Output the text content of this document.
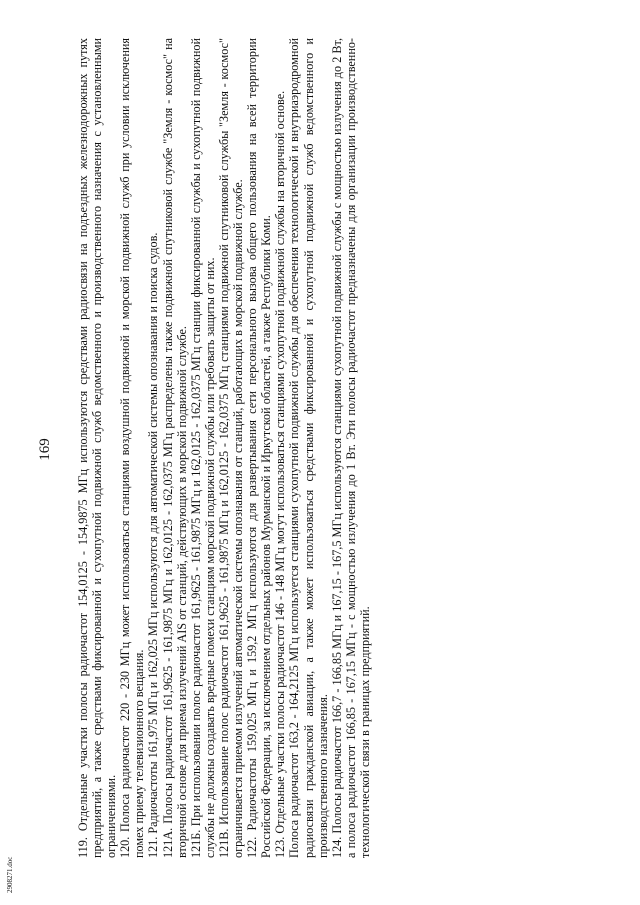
169 119. Отдельные участки полосы радиочастот 154,0125 - 154,9875 МГц используются средствами радиосвязи на подъездных железнодорожных путях предприятий, а также средствами фиксированной и сухопутной подвижной служб ведомственного и производственного назначения с установленными ограничениями. 120. Полоса радиочастот 220 - 230 МГц может использоваться станциями воздушной подвижной и морской подвижной служб при условии исключения помех приему телевизионного вещания. 121. Радиочастоты 161,975 МГц и 162,025 МГц используются для автоматической системы опознавания и поиска судов. 121А. Полосы радиочастот 161,9625 - 161,9875 МГц и 162,0125 - 162,0375 МГц распределены также подвижной спутниковой службе "Земля - космос" на вторичной основе для приема излучений AIS от станций, действующих в морской подвижной службе. 121Б. При использовании полос радиочастот 161,9625 - 161,9875 МГц и 162,0125 - 162,0375 МГц станции фиксированной службы и сухопутной подвижной службы не должны создавать вредные помехи станциям морской подвижной службы или требовать защиты от них. 121В. Использование полос радиочастот 161,9625 - 161,9875 МГц и 162,0125 - 162,0375 МГц станциями подвижной спутниковой службы "Земля - космос" ограничивается приемом излучений автоматической системы опознавания от станций, работающих в морской подвижной службе. 122. Радиочастоты 159,025 МГц и 159,2 МГц используются для развертывания сети персонального вызова общего пользования на всей территории Российской Федерации, за исключением отдельных районов Мурманской и Иркутской областей, а также Республики Коми. 123. Отдельные участки полосы радиочастот 146 - 148 МГц могут использоваться станциями сухопутной подвижной службы на вторичной основе. Полоса радиочастот 163,2 - 164,2125 МГц используется станциями сухопутной подвижной службы для обеспечения технологической и внутриаэродромной радиосвязи гражданской авиации, а также может использоваться средствами фиксированной и сухопутной подвижной служб ведомственного и производственного назначения. 124. Полосы радиочастот 166,7 - 166,85 МГц и 167,15 - 167,5 МГц используются станциями сухопутной подвижной службы с мощностью излучения до 2 Вт, а полоса радиочастот 166,85 - 167,15 МГц - с мощностью излучения до 1 Вт. Эти полосы радиочастот предназначены для организации производственно-технологической связи в границах предприятий.

2908271.doc
